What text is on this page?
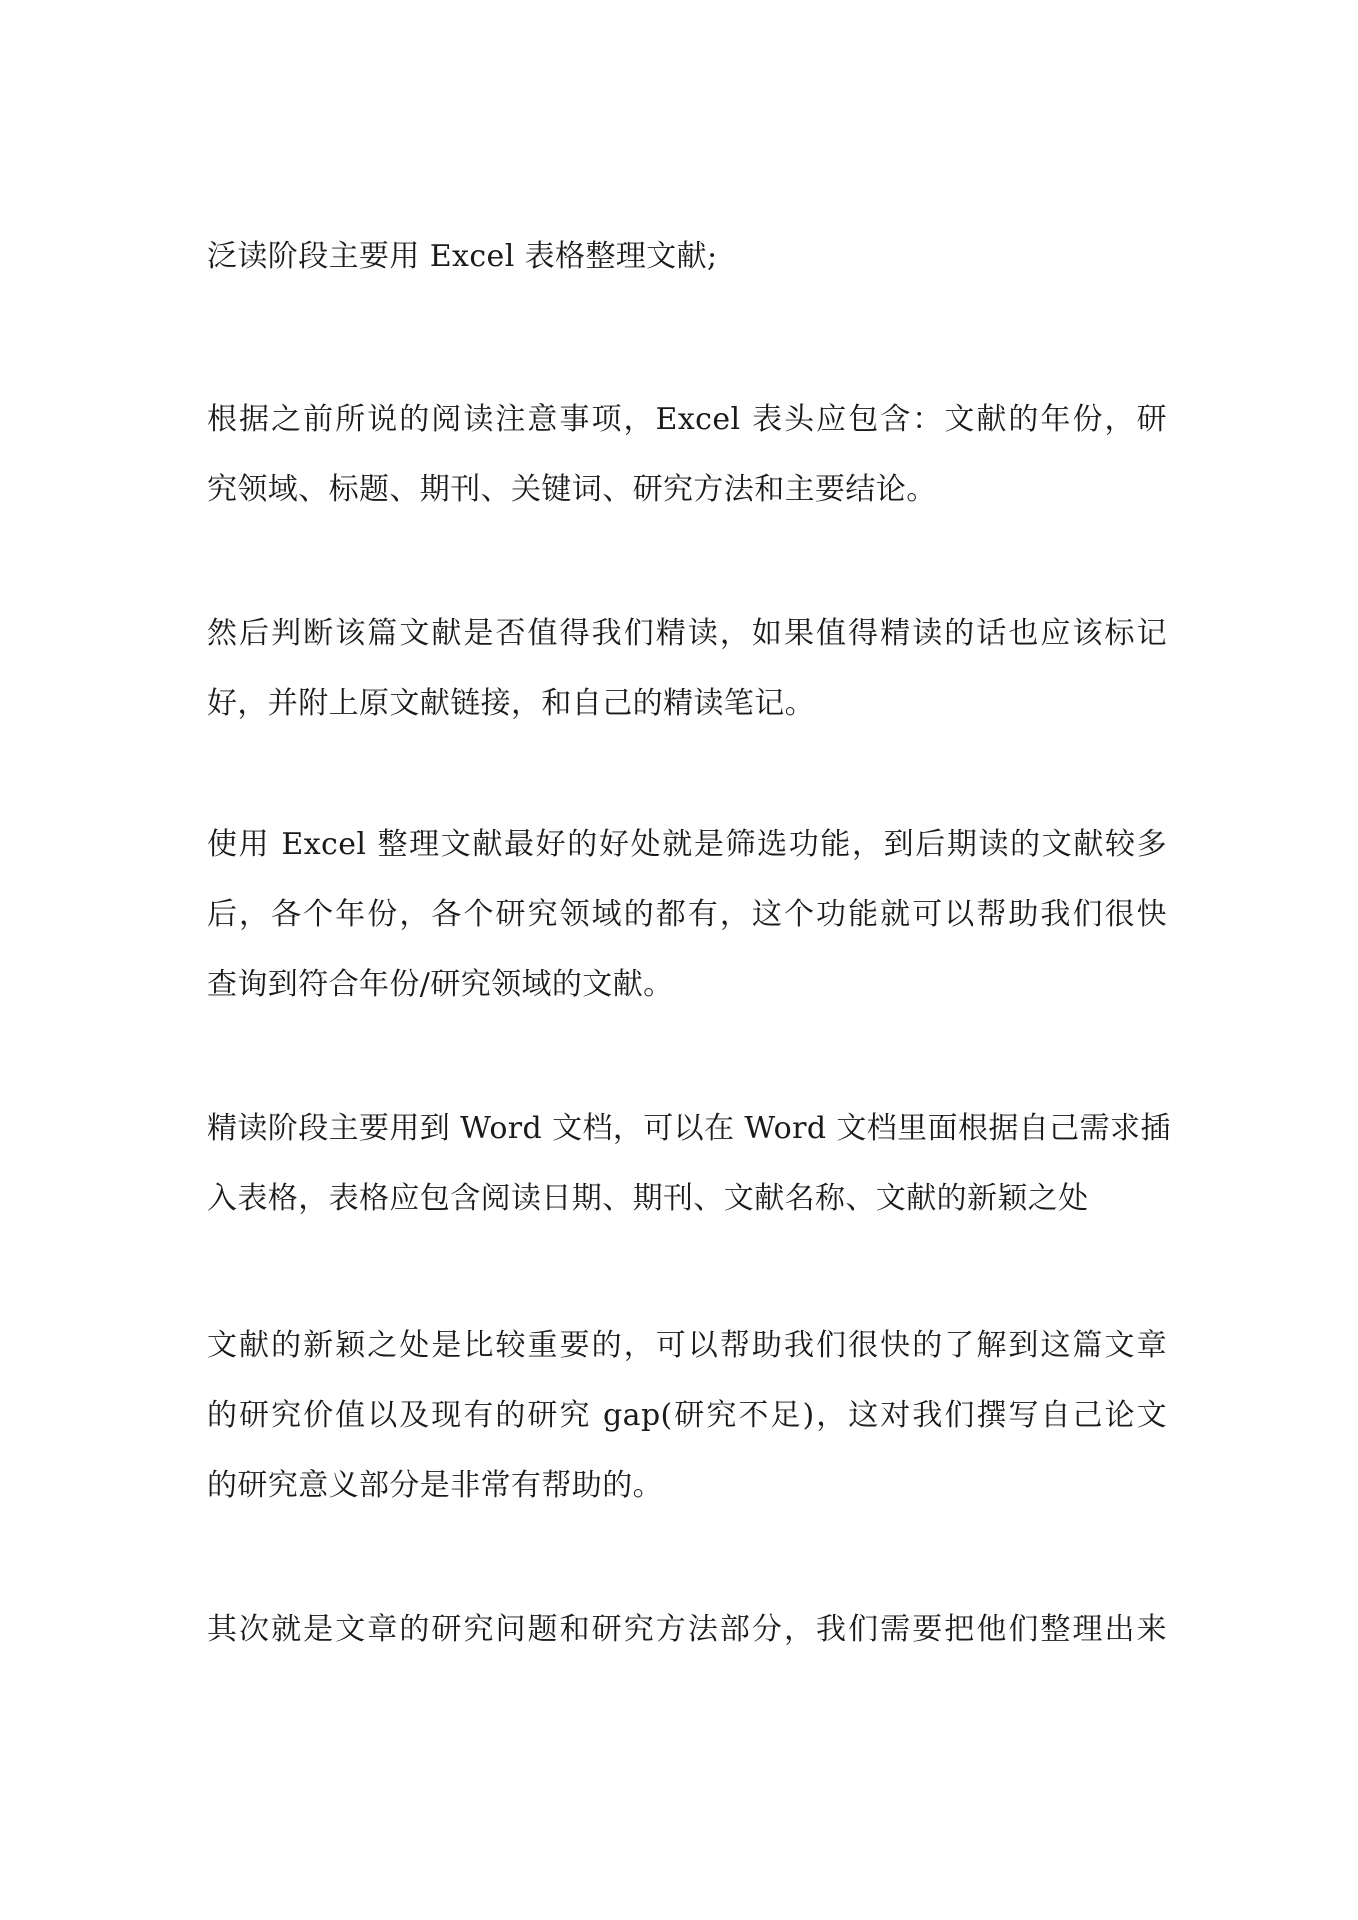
泛读阶段主要用 Excel 表格整理文献;
根据之前所说的阅读注意事项，Excel 表头应包含：文献的年份，研
究领域、标题、期刊、关键词、研究方法和主要结论。
然后判断该篇文献是否值得我们精读，如果值得精读的话也应该标记
好，并附上原文献链接，和自己的精读笔记。
使用 Excel 整理文献最好的好处就是筛选功能，到后期读的文献较多
后，各个年份，各个研究领域的都有，这个功能就可以帮助我们很快
查询到符合年份/研究领域的文献。
精读阶段主要用到 Word 文档，可以在 Word 文档里面根据自己需求插
入表格，表格应包含阅读日期、期刊、文献名称、文献的新颖之处
文献的新颖之处是比较重要的，可以帮助我们很快的了解到这篇文章
的研究价值以及现有的研究 gap(研究不足)，这对我们撰写自己论文
的研究意义部分是非常有帮助的。
其次就是文章的研究问题和研究方法部分，我们需要把他们整理出来
